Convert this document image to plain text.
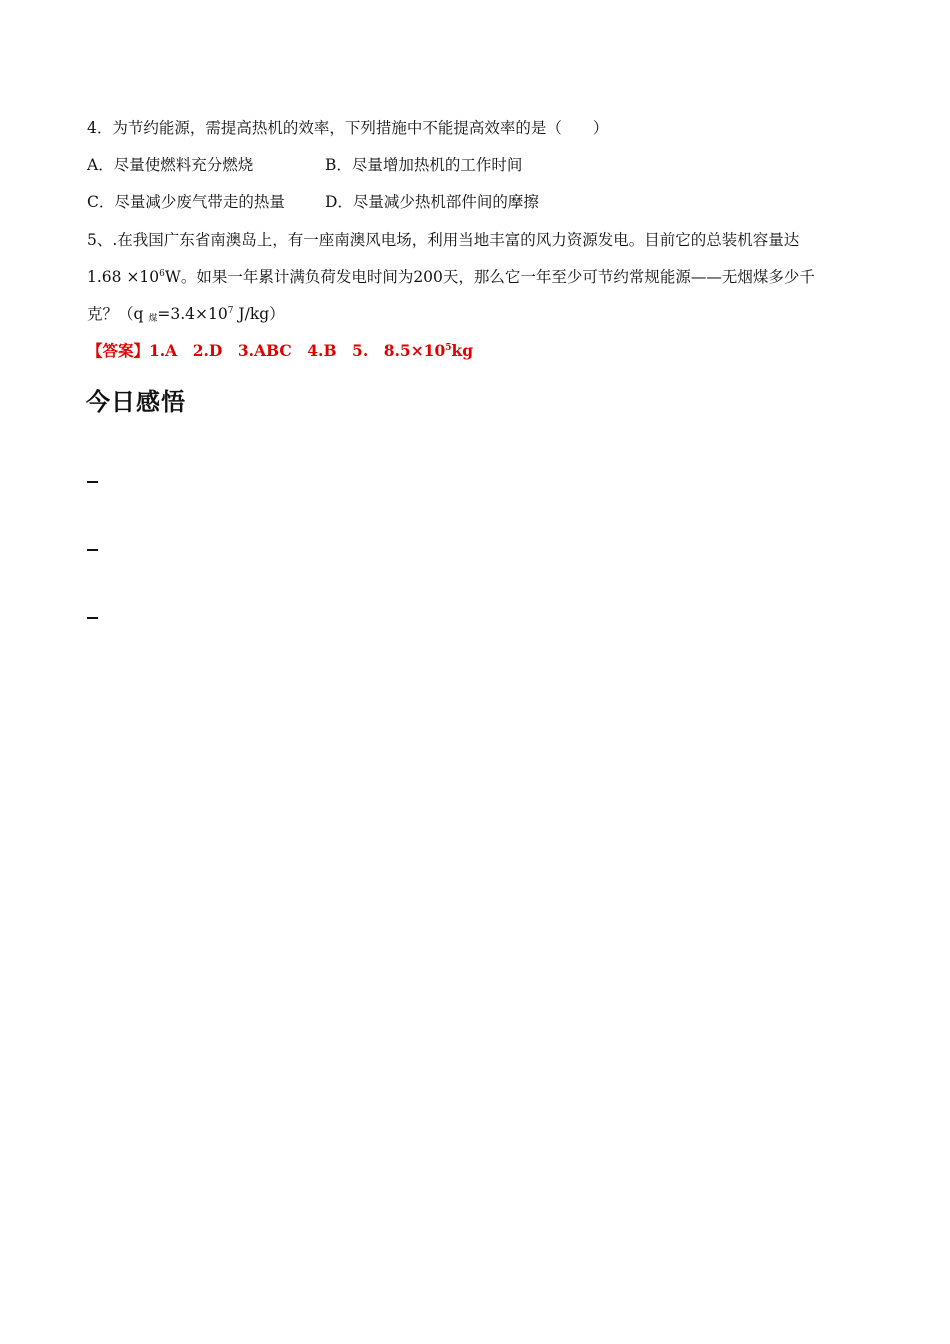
4．为节约能源，需提高热机的效率，下列措施中不能提高效率的是（　　）
A．尽量使燃料充分燃烧	B．尽量增加热机的工作时间
C．尽量减少废气带走的热量	D．尽量减少热机部件间的摩擦
5、.在我国广东省南澳岛上，有一座南澳风电场，利用当地丰富的风力资源发电。目前它的总装机容量达
$1.68 \times 10^6W$。如果一年累计满负荷发电时间为200天，那么它一年至少可节约常规能源——无烟煤多少千
克？（q $_煤=3.4\times 10^7$ J/kg）
【答案】1.A　2.D　3.ABC　4.B　5.　$8.5\times 10^5kg$
今日感悟
